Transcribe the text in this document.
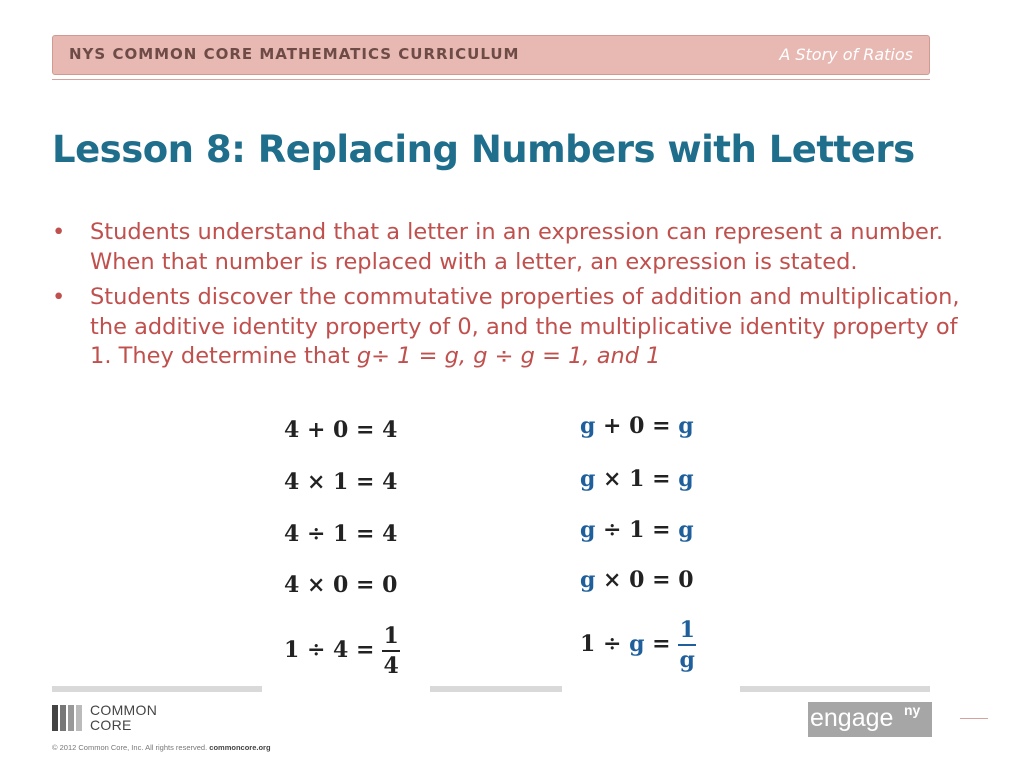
NYS COMMON CORE MATHEMATICS CURRICULUM	A Story of Ratios
Lesson 8: Replacing Numbers with Letters
• Students understand that a letter in an expression can represent a number. When that number is replaced with a letter, an expression is stated.
• Students discover the commutative properties of addition and multiplication, the additive identity property of 0, and the multiplicative identity property of 1. They determine that g÷ 1 = g, g ÷ g = 1, and 1
4 + 0 = 4
4 × 1 = 4
4 ÷ 1 = 4
4 × 0 = 0
$1 \div 4 = \frac{1}{4}$
g + 0 = g
g × 1 = g
g ÷ 1 = g
g × 0 = 0
$1 \div g = \frac{1}{g}$
COMMON
CORE
© 2012 Common Core, Inc. All rights reserved. commoncore.org
engage ny
